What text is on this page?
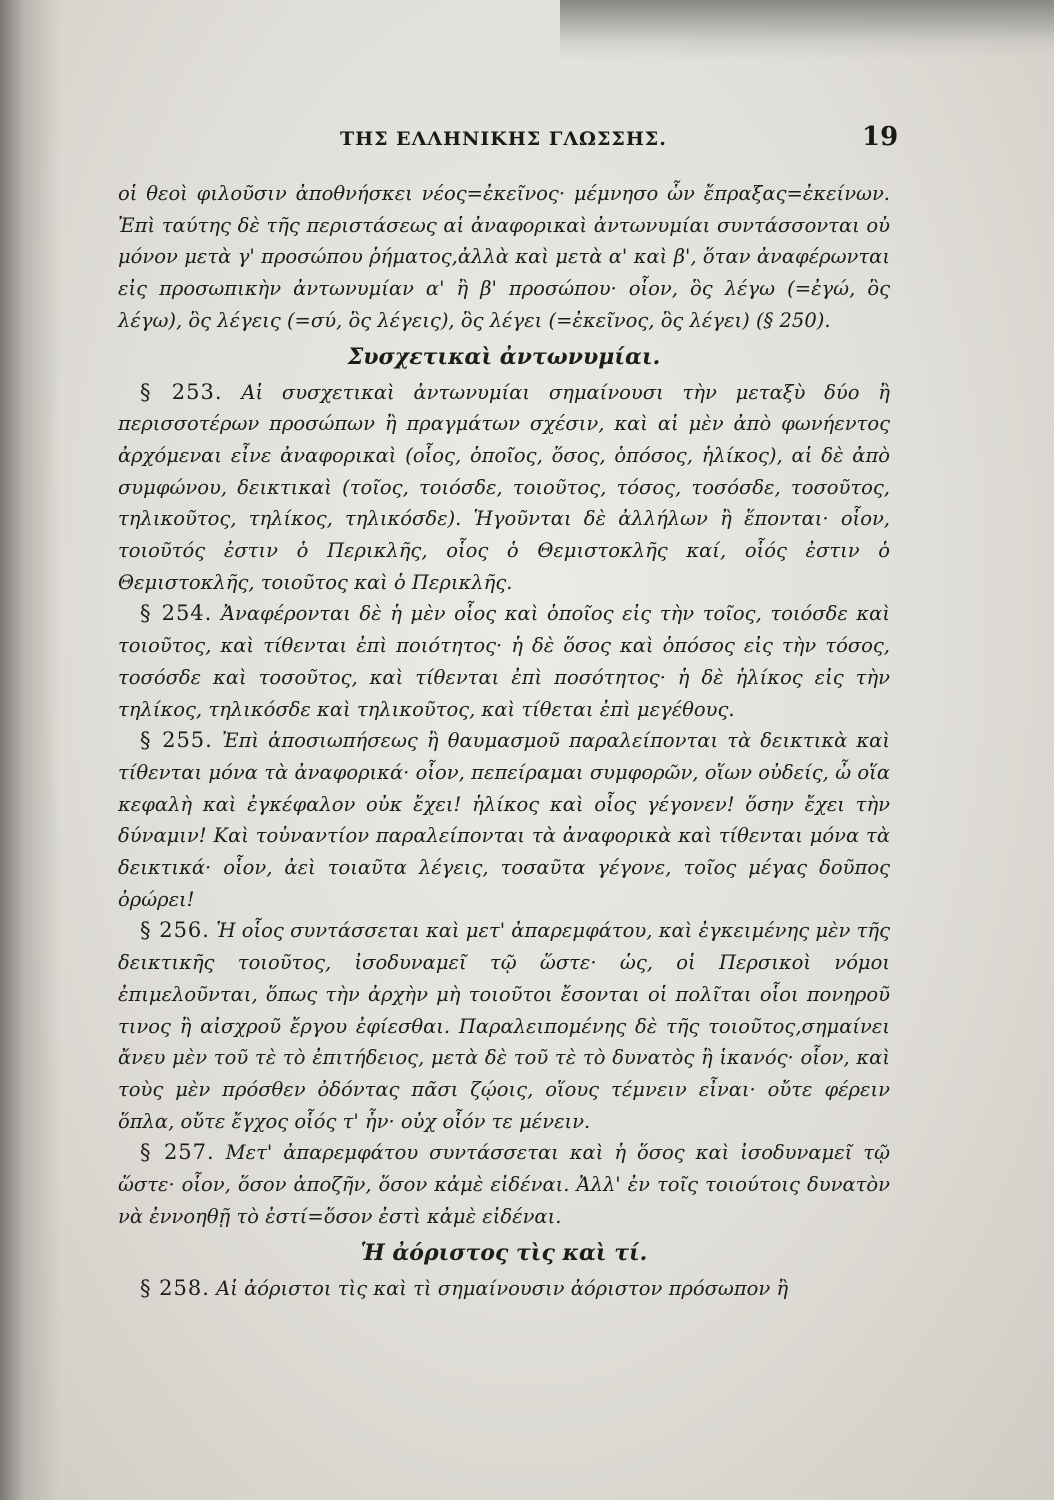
ΤΗΣ ΕΛΛΗΝΙΚΗΣ ΓΛΩΣΣΗΣ.	19

οἱ θεοὶ φιλοῦσιν ἀποθνήσκει νέος=ἐκεῖνος· μέμνησο ὧν ἔπραξας=ἐκείνων. Ἐπὶ ταύτης δὲ τῆς περιστάσεως αἱ ἀναφορικαὶ ἀντωνυμίαι συντάσσονται οὐ μόνον μετὰ γ' προσώπου ῥήματος,ἀλλὰ καὶ μετὰ α' καὶ β', ὅταν ἀναφέρωνται εἰς προσωπικὴν ἀντωνυμίαν α' ἢ β' προσώπου· οἷον, ὃς λέγω (=ἐγώ, ὃς λέγω), ὃς λέγεις (=σύ, ὃς λέγεις), ὃς λέγει (=ἐκεῖνος, ὃς λέγει) (§ 250).

Συσχετικαὶ ἀντωνυμίαι.

§ 253. Αἱ συσχετικαὶ ἀντωνυμίαι σημαίνουσι τὴν μεταξὺ δύο ἢ περισσοτέρων προσώπων ἢ πραγμάτων σχέσιν, καὶ αἱ μὲν ἀπὸ φωνήεντος ἀρχόμεναι εἶνε ἀναφορικαὶ (οἷος, ὁποῖος, ὅσος, ὁπόσος, ἡλίκος), αἱ δὲ ἀπὸ συμφώνου, δεικτικαὶ (τοῖος, τοιόσδε, τοιοῦτος, τόσος, τοσόσδε, τοσοῦτος, τηλικοῦτος, τηλίκος, τηλικόσδε). Ἡγοῦνται δὲ ἀλλήλων ἢ ἕπονται· οἷον, τοιοῦτός ἐστιν ὁ Περικλῆς, οἷος ὁ Θεμιστοκλῆς καί, οἷός ἐστιν ὁ Θεμιστοκλῆς, τοιοῦτος καὶ ὁ Περικλῆς.

§ 254. Ἀναφέρονται δὲ ἡ μὲν οἷος καὶ ὁποῖος εἰς τὴν τοῖος, τοιόσδε καὶ τοιοῦτος, καὶ τίθενται ἐπὶ ποιότητος· ἡ δὲ ὅσος καὶ ὁπόσος εἰς τὴν τόσος, τοσόσδε καὶ τοσοῦτος, καὶ τίθενται ἐπὶ ποσότητος· ἡ δὲ ἡλίκος εἰς τὴν τηλίκος, τηλικόσδε καὶ τηλικοῦτος, καὶ τίθεται ἐπὶ μεγέθους.

§ 255. Ἐπὶ ἀποσιωπήσεως ἢ θαυμασμοῦ παραλείπονται τὰ δεικτικὰ καὶ τίθενται μόνα τὰ ἀναφορικά· οἷον, πεπείραμαι συμφορῶν, οἵων οὐδείς, ὦ οἵα κεφαλὴ καὶ ἐγκέφαλον οὐκ ἔχει! ἡλίκος καὶ οἷος γέγονεν! ὅσην ἔχει τὴν δύναμιν! Καὶ τοὐναντίον παραλείπονται τὰ ἀναφορικὰ καὶ τίθενται μόνα τὰ δεικτικά· οἷον, ἀεὶ τοιαῦτα λέγεις, τοσαῦτα γέγονε, τοῖος μέγας δοῦπος ὀρώρει!

§ 256. Ἡ οἷος συντάσσεται καὶ μετ' ἀπαρεμφάτου, καὶ ἐγκειμένης μὲν τῆς δεικτικῆς τοιοῦτος, ἰσοδυναμεῖ τῷ ὥστε· ὡς, οἱ Περσικοὶ νόμοι ἐπιμελοῦνται, ὅπως τὴν ἀρχὴν μὴ τοιοῦτοι ἔσονται οἱ πολῖται οἷοι πονηροῦ τινος ἢ αἰσχροῦ ἔργου ἐφίεσθαι. Παραλειπομένης δὲ τῆς τοιοῦτος,σημαίνει ἄνευ μὲν τοῦ τὲ τὸ ἐπιτήδειος, μετὰ δὲ τοῦ τὲ τὸ δυνατὸς ἢ ἱκανός· οἷον, καὶ τοὺς μὲν πρόσθεν ὀδόντας πᾶσι ζῴοις, οἵους τέμνειν εἶναι· οὔτε φέρειν ὅπλα, οὔτε ἔγχος οἷός τ' ἦν· οὐχ οἷόν τε μένειν.

§ 257. Μετ' ἀπαρεμφάτου συντάσσεται καὶ ἡ ὅσος καὶ ἰσοδυναμεῖ τῷ ὥστε· οἷον, ὅσον ἀποζῆν, ὅσον κἀμὲ εἰδέναι. Ἀλλ' ἐν τοῖς τοιούτοις δυνατὸν νὰ ἐννοηθῇ τὸ ἐστί=ὅσον ἐστὶ κἀμὲ εἰδέναι.

Ἡ ἀόριστος τὶς καὶ τί.

§ 258. Αἱ ἀόριστοι τὶς καὶ τὶ σημαίνουσιν ἀόριστον πρόσωπον ἢ
